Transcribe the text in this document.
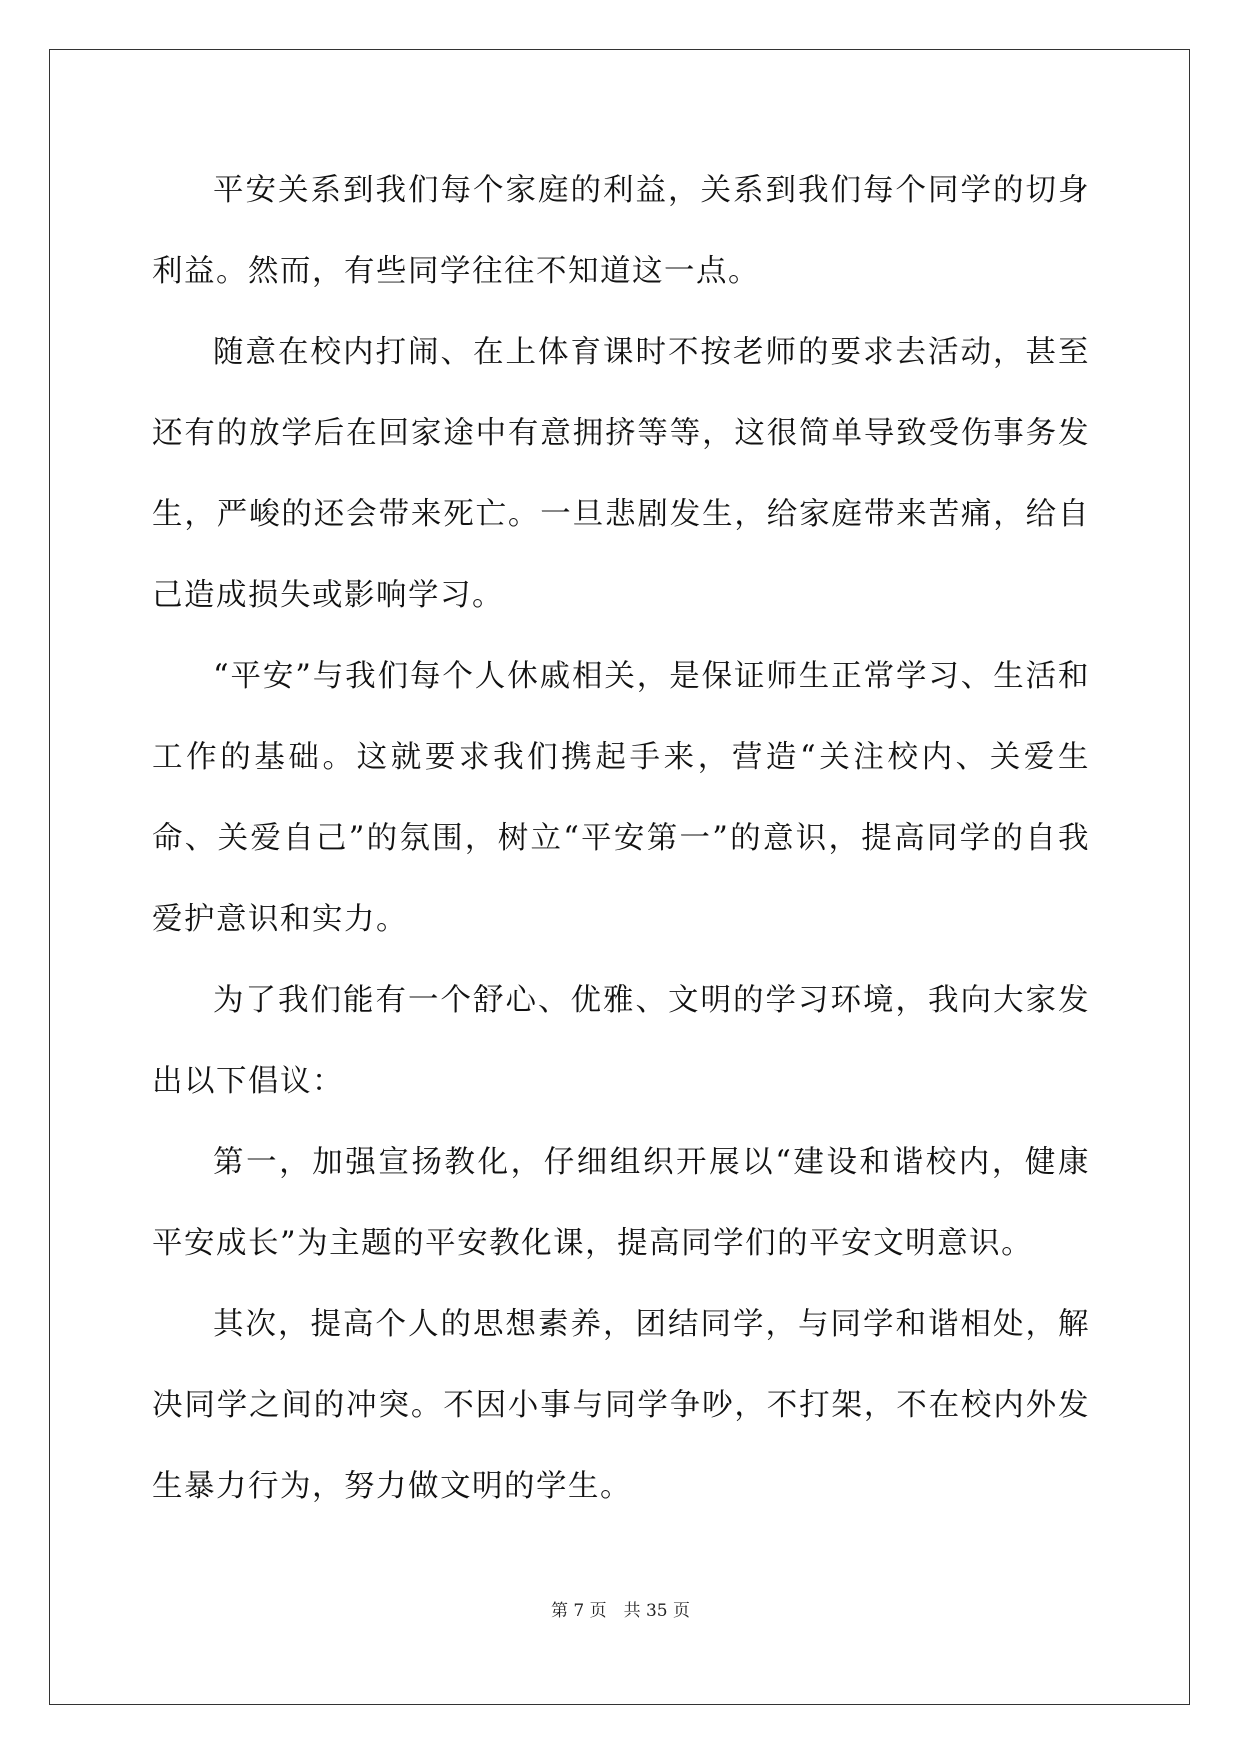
平安关系到我们每个家庭的利益，关系到我们每个同学的切身利益。然而，有些同学往往不知道这一点。

随意在校内打闹、在上体育课时不按老师的要求去活动，甚至还有的放学后在回家途中有意拥挤等等，这很简单导致受伤事务发生，严峻的还会带来死亡。一旦悲剧发生，给家庭带来苦痛，给自己造成损失或影响学习。

“平安”与我们每个人休戚相关，是保证师生正常学习、生活和工作的基础。这就要求我们携起手来，营造“关注校内、关爱生命、关爱自己”的氛围，树立“平安第一”的意识，提高同学的自我爱护意识和实力。

为了我们能有一个舒心、优雅、文明的学习环境，我向大家发出以下倡议：

第一，加强宣扬教化，仔细组织开展以“建设和谐校内，健康平安成长”为主题的平安教化课，提高同学们的平安文明意识。

其次，提高个人的思想素养，团结同学，与同学和谐相处，解决同学之间的冲突。不因小事与同学争吵，不打架，不在校内外发生暴力行为，努力做文明的学生。

第 7 页　共 35 页
